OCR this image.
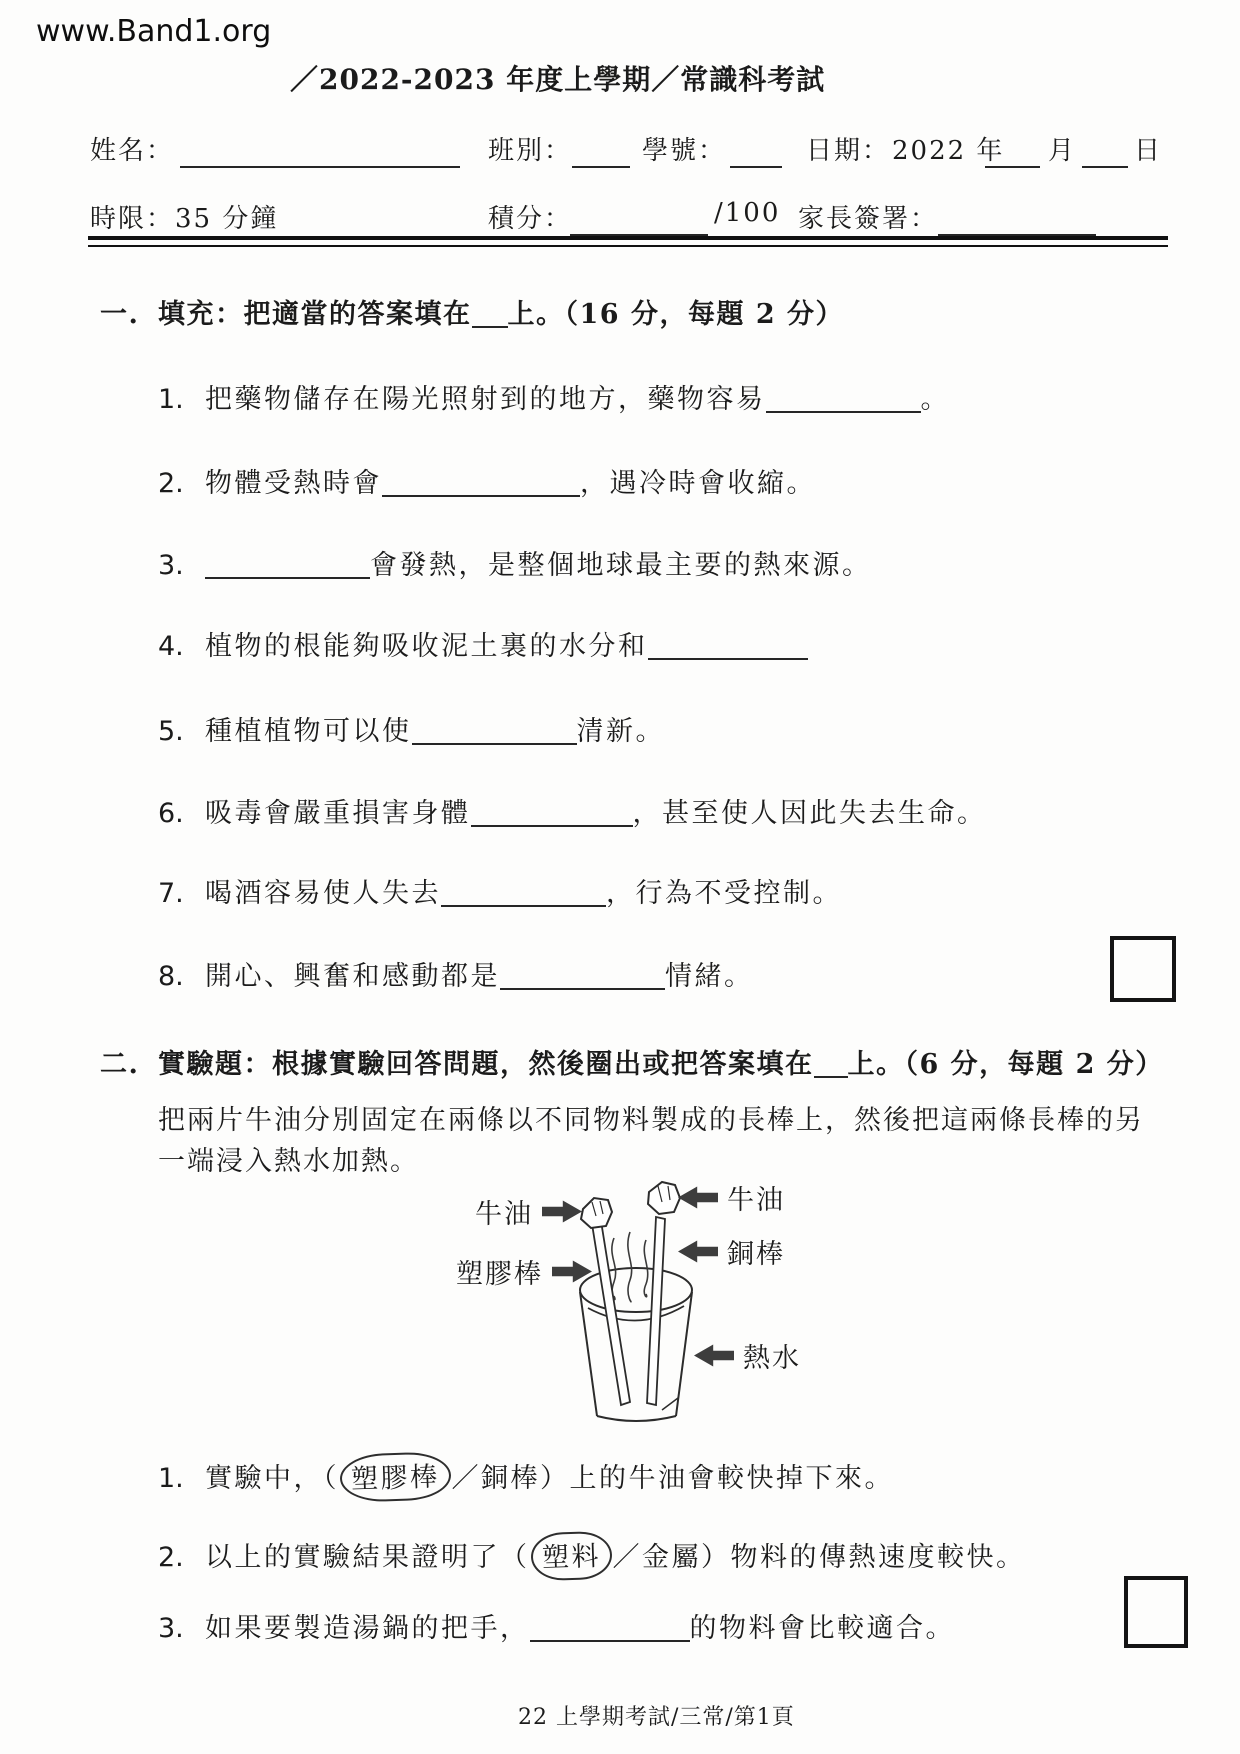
www.Band1.org
／2022-2023 年度上學期／常識科考試
姓名：	班別：	學號：	日期： 2022 年 月 日
時限： 35 分鐘	積分：	/100 家長簽署：
一. 填充：把適當的答案填在 上。（16 分，每題 2 分）
1. 把藥物儲存在陽光照射到的地方，藥物容易	。
2. 物體受熱時會	，遇冷時會收縮。
3.	會發熱，是整個地球最主要的熱來源。
4. 植物的根能夠吸收泥土裏的水分和
5. 種植植物可以使	清新。
6. 吸毒會嚴重損害身體	，甚至使人因此失去生命。
7. 喝酒容易使人失去	，行為不受控制。
8. 開心、興奮和感動都是	情緒。
二. 實驗題：根據實驗回答問題，然後圈出或把答案填在 上。（6 分，每題 2 分）
把兩片牛油分別固定在兩條以不同物料製成的長棒上，然後把這兩條長棒的另一端浸入熱水加熱。
牛油	牛油
銅棒
塑膠棒
熱水
1. 實驗中，（ 塑膠棒 ／銅棒）上的牛油會較快掉下來。
2. 以上的實驗結果證明了（ 塑料 ／金屬）物料的傳熱速度較快。
3. 如果要製造湯鍋的把手，	的物料會比較適合。
22 上學期考試/三常/第1頁
